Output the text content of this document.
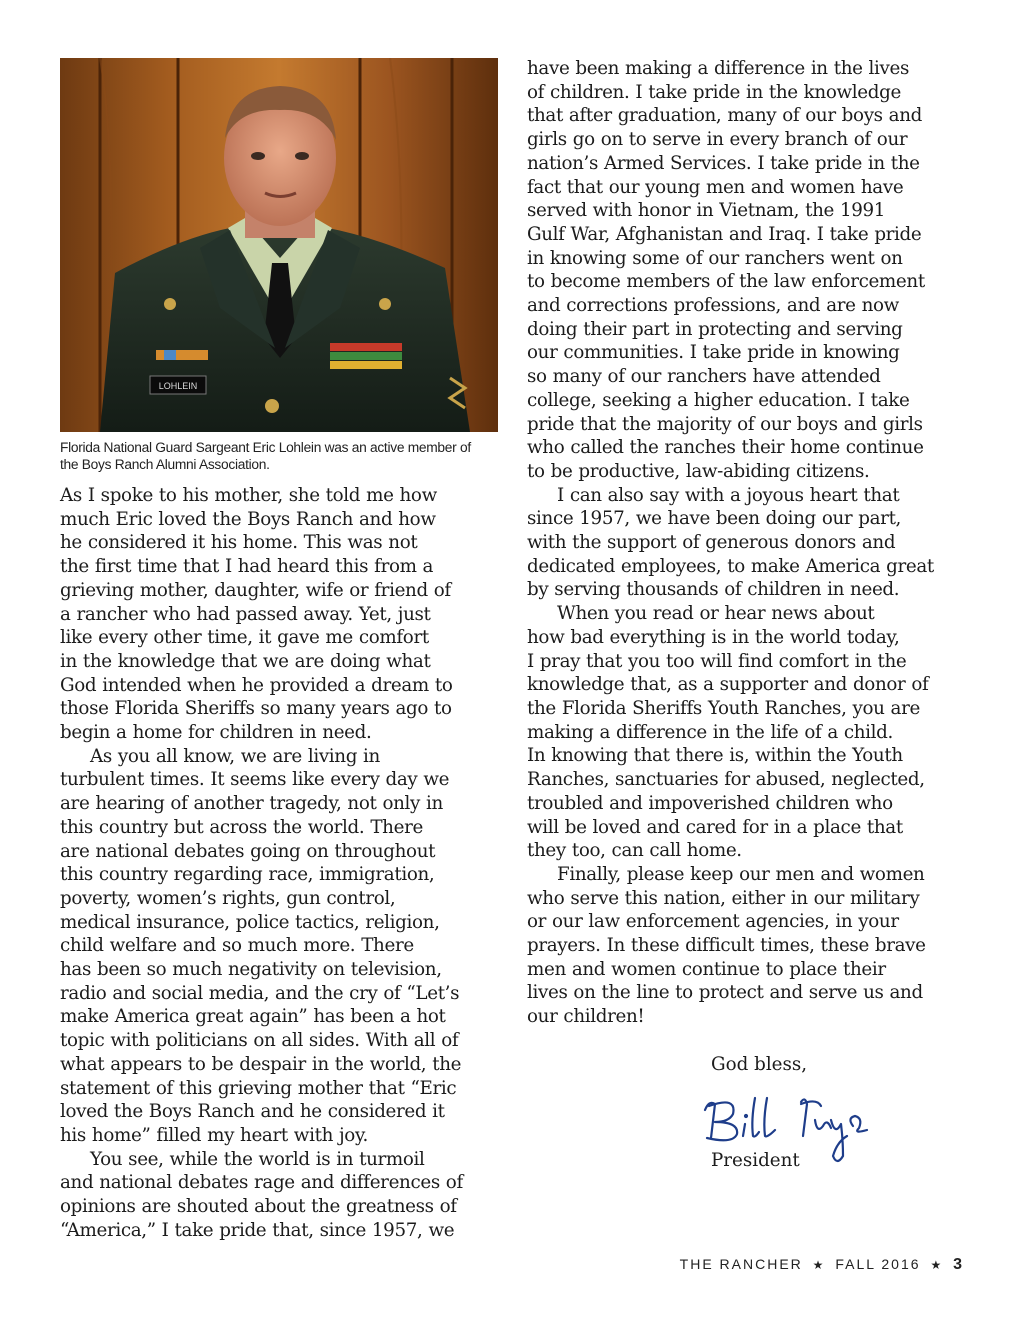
LOHLEIN
Florida National Guard Sargeant Eric Lohlein was an active member of the Boys Ranch Alumni Association.

As I spoke to his mother, she told me how

much Eric loved the Boys Ranch and how

he considered it his home. This was not

the first time that I had heard this from a

grieving mother, daughter, wife or friend of

a rancher who had passed away. Yet, just

like every other time, it gave me comfort

in the knowledge that we are doing what

God intended when he provided a dream to

those Florida Sheriffs so many years ago to

begin a home for children in need.

As you all know, we are living in

turbulent times. It seems like every day we

are hearing of another tragedy, not only in

this country but across the world. There

are national debates going on throughout

this country regarding race, immigration,

poverty, women’s rights, gun control,

medical insurance, police tactics, religion,

child welfare and so much more. There

has been so much negativity on television,

radio and social media, and the cry of “Let’s

make America great again” has been a hot

topic with politicians on all sides. With all of

what appears to be despair in the world, the

statement of this grieving mother that “Eric

loved the Boys Ranch and he considered it

his home” filled my heart with joy.

You see, while the world is in turmoil

and national debates rage and differences of

opinions are shouted about the greatness of

“America,” I take pride that, since 1957, we

have been making a difference in the lives

of children. I take pride in the knowledge

that after graduation, many of our boys and

girls go on to serve in every branch of our

nation’s Armed Services. I take pride in the

fact that our young men and women have

served with honor in Vietnam, the 1991

Gulf War, Afghanistan and Iraq. I take pride

in knowing some of our ranchers went on

to become members of the law enforcement

and corrections professions, and are now

doing their part in protecting and serving

our communities. I take pride in knowing

so many of our ranchers have attended

college, seeking a higher education. I take

pride that the majority of our boys and girls

who called the ranches their home continue

to be productive, law-abiding citizens.

I can also say with a joyous heart that

since 1957, we have been doing our part,

with the support of generous donors and

dedicated employees, to make America great

by serving thousands of children in need.

When you read or hear news about

how bad everything is in the world today,

I pray that you too will find comfort in the

knowledge that, as a supporter and donor of

the Florida Sheriffs Youth Ranches, you are

making a difference in the life of a child.

In knowing that there is, within the Youth

Ranches, sanctuaries for abused, neglected,

troubled and impoverished children who

will be loved and cared for in a place that

they too, can call home.

Finally, please keep our men and women

who serve this nation, either in our military

or our law enforcement agencies, in your

prayers. In these difficult times, these brave

men and women continue to place their

lives on the line to protect and serve us and

our children!

God bless,
President
THE RANCHER ★ FALL 2016 ★ 3
